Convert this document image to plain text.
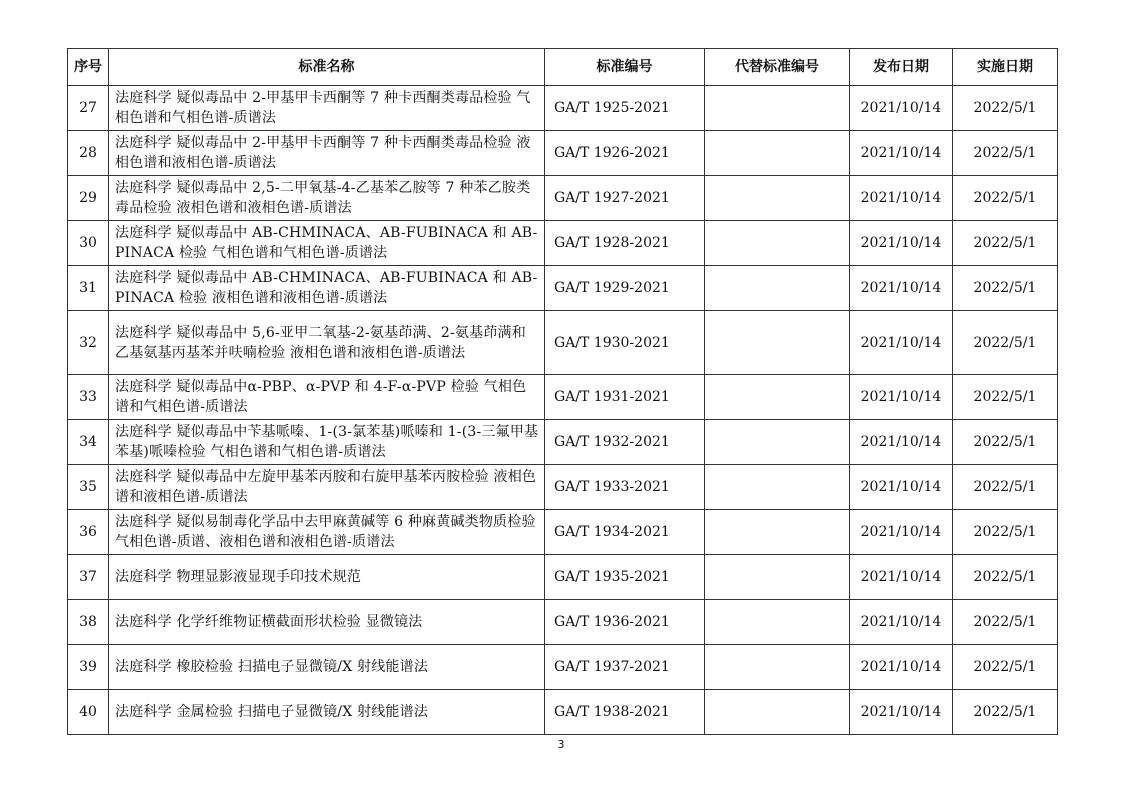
序号	标准名称	标准编号	代替标准编号	发布日期	实施日期
27	法庭科学 疑似毒品中 2-甲基甲卡西酮等 7 种卡西酮类毒品检验 气相色谱和气相色谱-质谱法	GA/T 1925-2021		2021/10/14	2022/5/1
28	法庭科学 疑似毒品中 2-甲基甲卡西酮等 7 种卡西酮类毒品检验 液相色谱和液相色谱-质谱法	GA/T 1926-2021		2021/10/14	2022/5/1
29	法庭科学 疑似毒品中 2,5-二甲氧基-4-乙基苯乙胺等 7 种苯乙胺类毒品检验 液相色谱和液相色谱-质谱法	GA/T 1927-2021		2021/10/14	2022/5/1
30	法庭科学 疑似毒品中 AB-CHMINACA、AB-FUBINACA 和 AB-PINACA 检验 气相色谱和气相色谱-质谱法	GA/T 1928-2021		2021/10/14	2022/5/1
31	法庭科学 疑似毒品中 AB-CHMINACA、AB-FUBINACA 和 AB-PINACA 检验 液相色谱和液相色谱-质谱法	GA/T 1929-2021		2021/10/14	2022/5/1
32	法庭科学 疑似毒品中 5,6-亚甲二氧基-2-氨基茚满、2-氨基茚满和乙基氨基丙基苯并呋喃检验 液相色谱和液相色谱-质谱法	GA/T 1930-2021		2021/10/14	2022/5/1
33	法庭科学 疑似毒品中α-PBP、α-PVP 和 4-F-α-PVP 检验 气相色谱和气相色谱-质谱法	GA/T 1931-2021		2021/10/14	2022/5/1
34	法庭科学 疑似毒品中苄基哌嗪、1-(3-氯苯基)哌嗪和 1-(3-三氟甲基苯基)哌嗪检验 气相色谱和气相色谱-质谱法	GA/T 1932-2021		2021/10/14	2022/5/1
35	法庭科学 疑似毒品中左旋甲基苯丙胺和右旋甲基苯丙胺检验 液相色谱和液相色谱-质谱法	GA/T 1933-2021		2021/10/14	2022/5/1
36	法庭科学 疑似易制毒化学品中去甲麻黄碱等 6 种麻黄碱类物质检验 气相色谱-质谱、液相色谱和液相色谱-质谱法	GA/T 1934-2021		2021/10/14	2022/5/1
37	法庭科学 物理显影液显现手印技术规范	GA/T 1935-2021		2021/10/14	2022/5/1
38	法庭科学 化学纤维物证横截面形状检验 显微镜法	GA/T 1936-2021		2021/10/14	2022/5/1
39	法庭科学 橡胶检验 扫描电子显微镜/X 射线能谱法	GA/T 1937-2021		2021/10/14	2022/5/1
40	法庭科学 金属检验 扫描电子显微镜/X 射线能谱法	GA/T 1938-2021		2021/10/14	2022/5/1
3
